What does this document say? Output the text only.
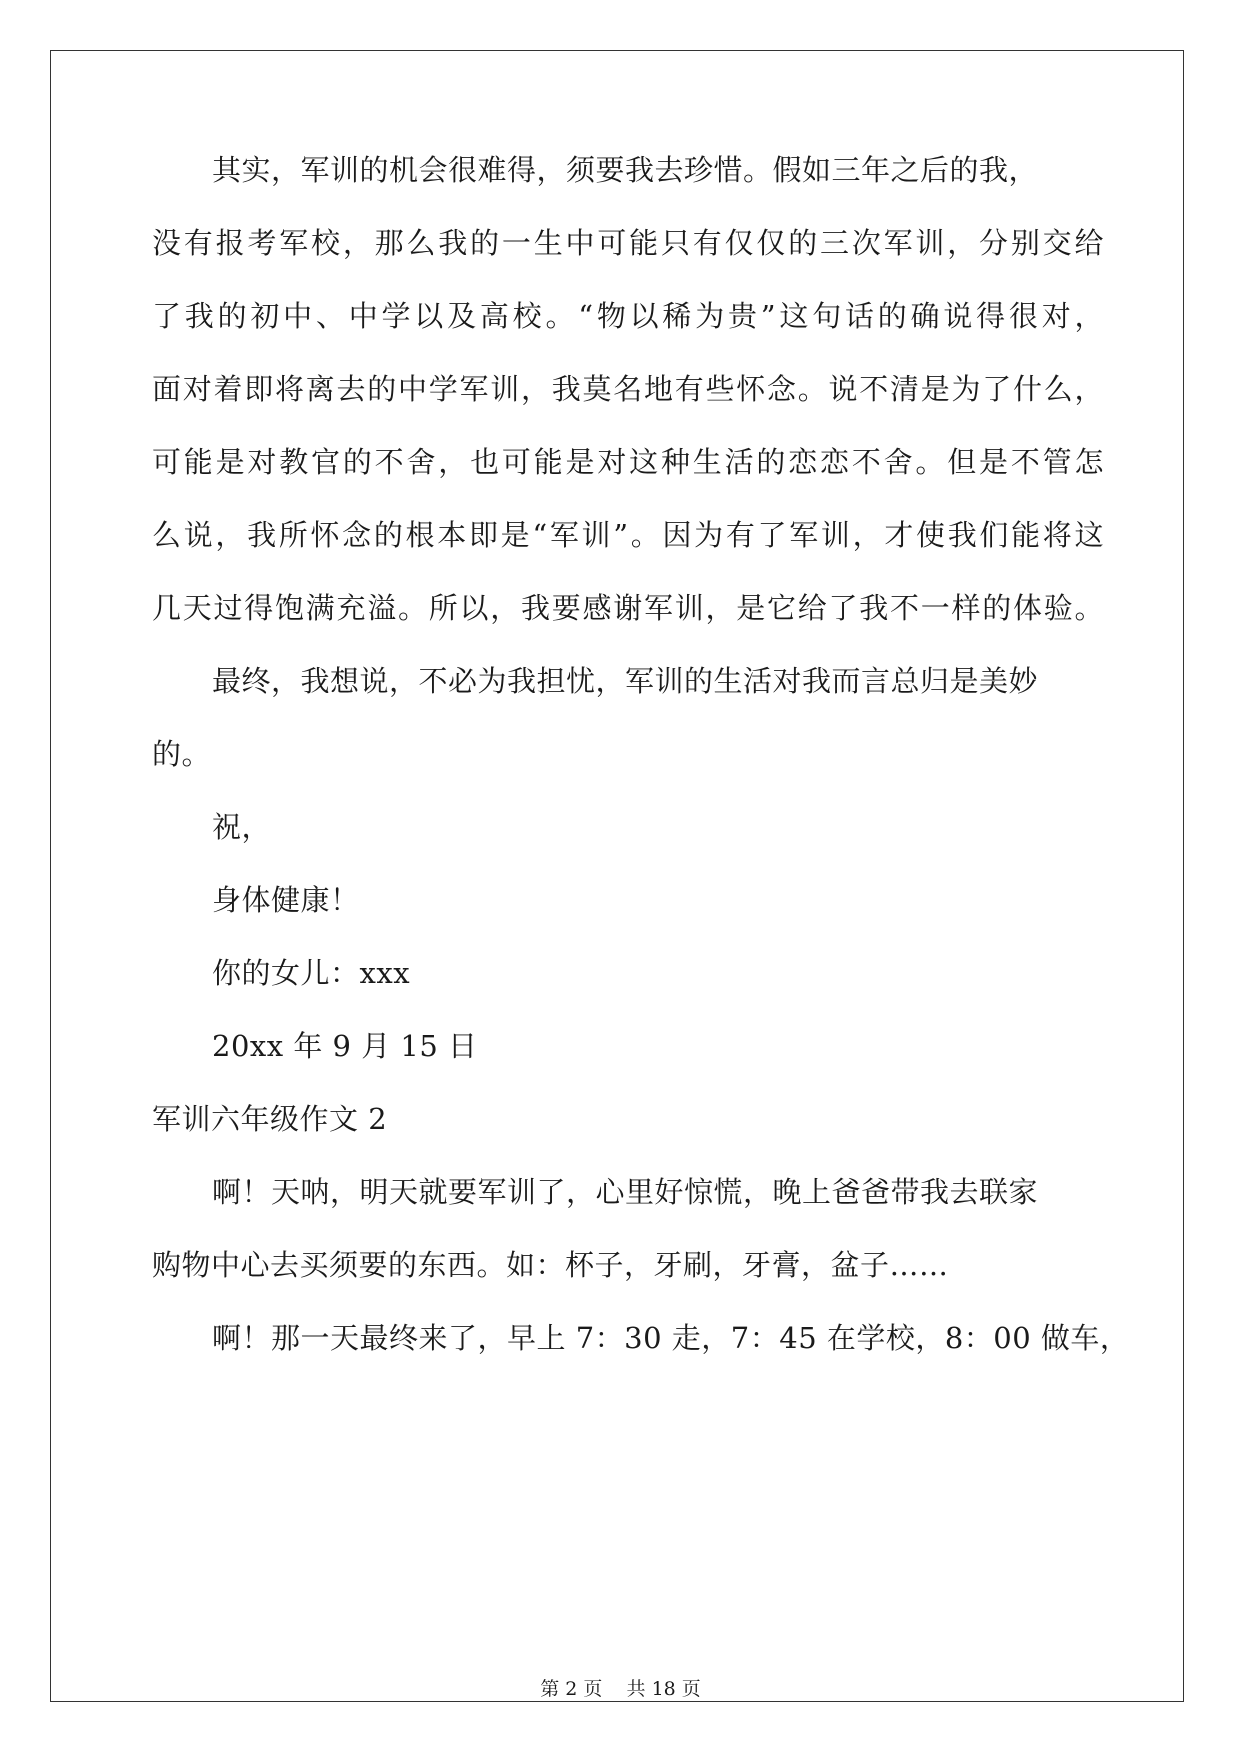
其实，军训的机会很难得，须要我去珍惜。假如三年之后的我，
没有报考军校，那么我的一生中可能只有仅仅的三次军训，分别交给
了我的初中、中学以及高校。“物以稀为贵”这句话的确说得很对，
面对着即将离去的中学军训，我莫名地有些怀念。说不清是为了什么，
可能是对教官的不舍，也可能是对这种生活的恋恋不舍。但是不管怎
么说，我所怀念的根本即是“军训”。因为有了军训，才使我们能将这
几天过得饱满充溢。所以，我要感谢军训，是它给了我不一样的体验。
最终，我想说，不必为我担忧，军训的生活对我而言总归是美妙
的。
祝，
身体健康！
你的女儿：xxx
20xx 年 9 月 15 日
军训六年级作文 2
啊！天呐，明天就要军训了，心里好惊慌，晚上爸爸带我去联家
购物中心去买须要的东西。如：杯子，牙刷，牙膏，盆子……
啊！那一天最终来了，早上 7：30 走，7：45 在学校，8：00 做车，
第 2 页 共 18 页
